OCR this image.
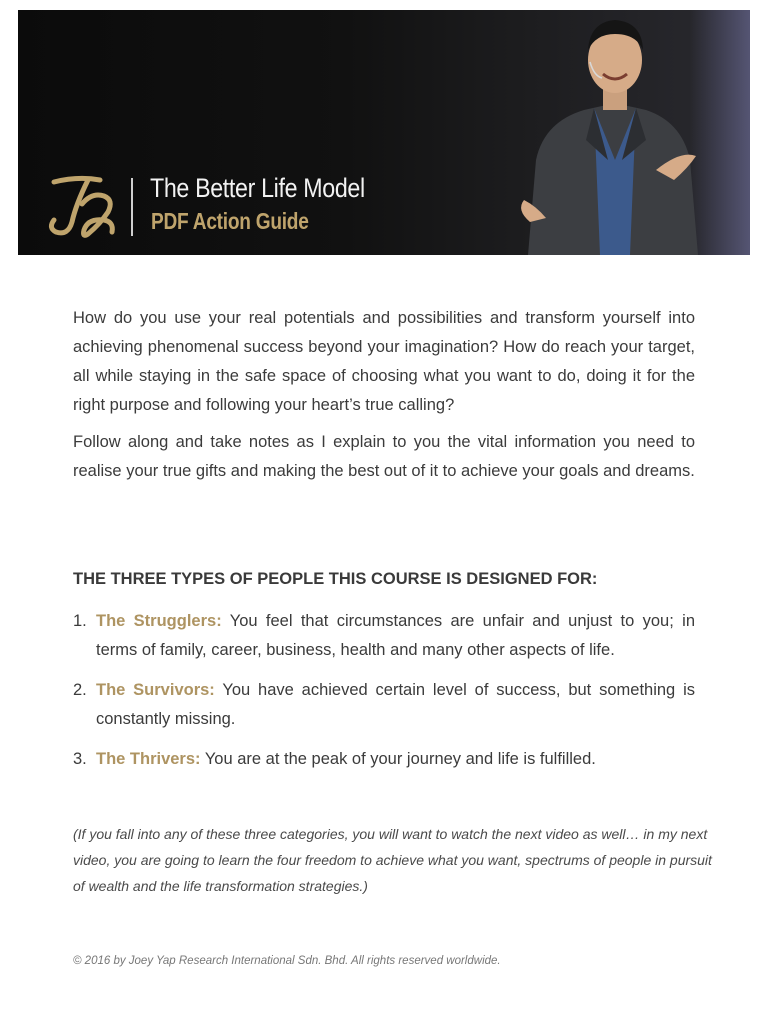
The Better Life Model
PDF Action Guide

How do you use your real potentials and possibilities and transform yourself into achieving phenomenal success beyond your imagination? How do reach your target, all while staying in the safe space of choosing what you want to do, doing it for the right purpose and following your heart’s true calling?

Follow along and take notes as I explain to you the vital information you need to realise your true gifts and making the best out of it to achieve your goals and dreams.

THE THREE TYPES OF PEOPLE THIS COURSE IS DESIGNED FOR:
1. The Strugglers: You feel that circumstances are unfair and unjust to you; in terms of family, career, business, health and many other aspects of life.
2. The Survivors: You have achieved certain level of success, but something is constantly missing.
3. The Thrivers: You are at the peak of your journey and life is fulfilled.

(If you fall into any of these three categories, you will want to watch the next video as well… in my next video, you are going to learn the four freedom to achieve what you want, spectrums of people in pursuit of wealth and the life transformation strategies.)

© 2016 by Joey Yap Research International Sdn. Bhd. All rights reserved worldwide.
